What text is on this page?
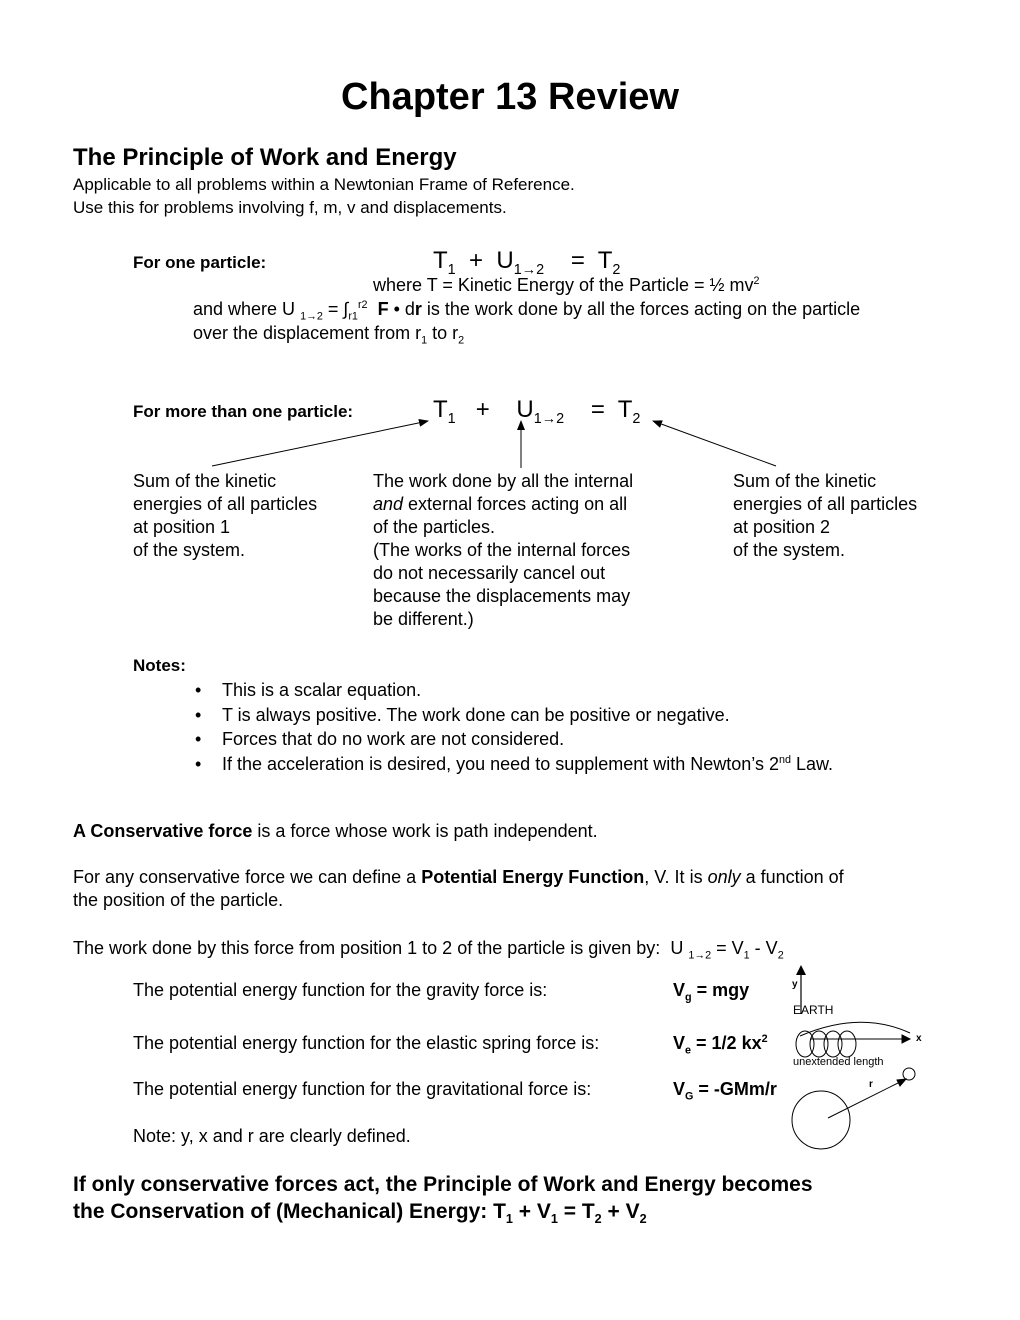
Chapter 13 Review
The Principle of Work and Energy
Applicable to all problems within a Newtonian Frame of Reference.
Use this for problems involving f, m, v and displacements.
For one particle:	$T_1 + U_{1\to 2} = T_2$
where T = Kinetic Energy of the Particle = ½ $mv^2$
and where U $_{1\to 2} = \int_{r1}^{r2}$ F • dr is the work done by all the forces acting on the particle
over the displacement from $r_1$ to $r_2$
For more than one particle:	$T_1 + U_{1\to 2} = T_2$
Sum of the kinetic
energies of all particles
at position 1
of the system.
The work done by all the internal
and external forces acting on all
of the particles.
(The works of the internal forces
do not necessarily cancel out
because the displacements may
be different.)
Sum of the kinetic
energies of all particles
at position 2
of the system.
Notes:
• This is a scalar equation.
• T is always positive. The work done can be positive or negative.
• Forces that do no work are not considered.
• If the acceleration is desired, you need to supplement with Newton’s 2nd Law.
A Conservative force is a force whose work is path independent.
For any conservative force we can define a Potential Energy Function, V. It is only a function of
the position of the particle.
The work done by this force from position 1 to 2 of the particle is given by: U $_{1\to 2} = V_1 - V_2$
The potential energy function for the gravity force is:	$V_g$ = mgy
The potential energy function for the elastic spring force is:	$V_e = 1/2$ $kx^2$
The potential energy function for the gravitational force is:	$V_G = -GMm/r$
y
EARTH
x
unextended length
r
Note: y, x and r are clearly defined.
If only conservative forces act, the Principle of Work and Energy becomes
the Conservation of (Mechanical) Energy: $T_1 + V_1 = T_2 + V_2$
